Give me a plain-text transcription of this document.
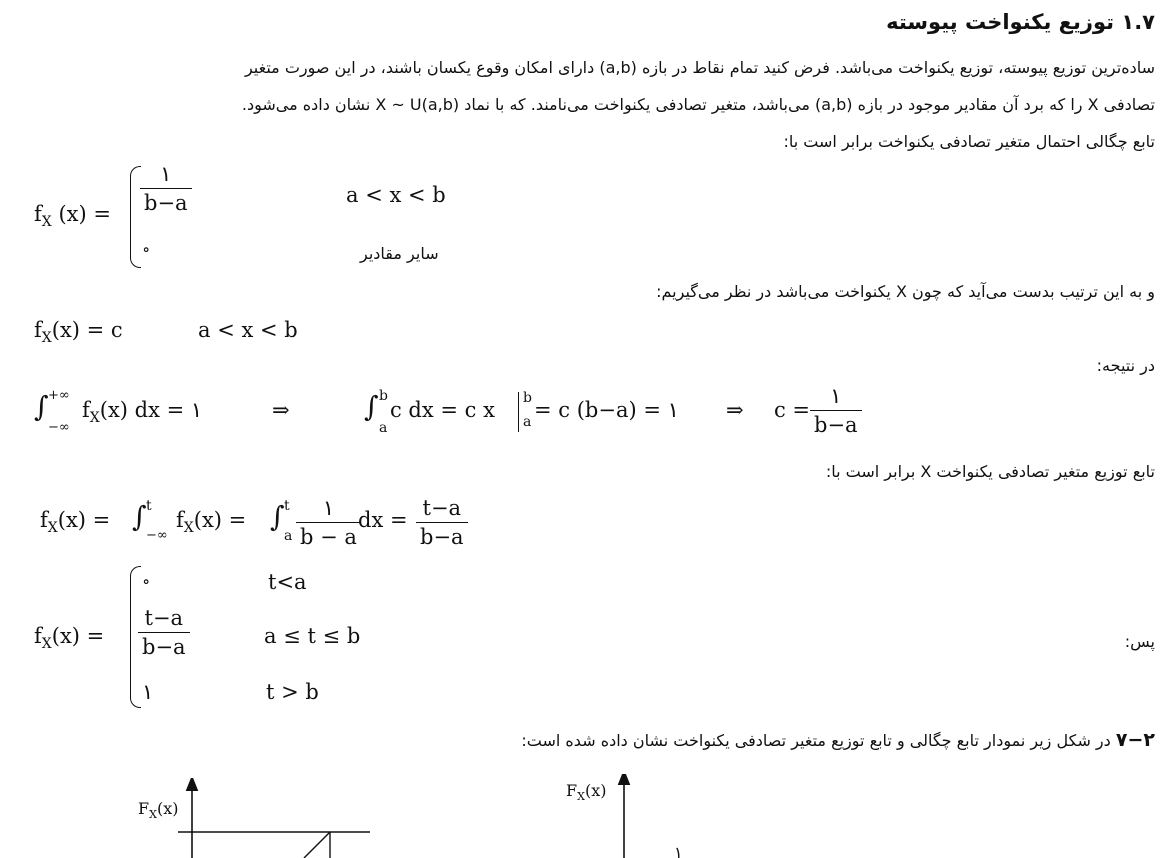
۱.۷ توزیع یکنواخت پیوسته
ساده‌ترین توزیع پیوسته، توزیع یکنواخت می‌باشد. فرض کنید تمام نقاط در بازه (a,b) دارای امکان وقوع یکسان باشند، در این صورت متغیر
تصادفی X را که برد آن مقادیر موجود در بازه (a,b) می‌باشد، متغیر تصادفی یکنواخت می‌نامند. که با نماد X ~ U(a,b) نشان داده می‌شود.
تابع چگالی احتمال متغیر تصادفی یکنواخت برابر است با:
$f_X$ $(x) = \frac{۱}{b-a}$	a < x < b
∘	سایر مقادیر
و به این ترتیب بدست می‌آید که چون X یکنواخت می‌باشد در نظر می‌گیریم:
$f_X(x) = c$	a < x < b
در نتیجه:
∫ +∞
−∞
$f_X(x)$ dx = ۱	⇒	∫ b
a
c dx = c x b
a = c (b−a) = ۱ ⇒ $c = \frac{۱}{b-a}$
تابع توزیع متغیر تصادفی یکنواخت X برابر است با:
$f_X(x)$ = ∫ t
−∞
$f_X(x)$ = ∫ t
a $\frac{۱}{b - a}$
dx = $\frac{t-a}{b-a}$
$f_X(x)$ =
∘	t<a
$\frac{t-a}{b-a}$	a ≤ t ≤ b
۱	t > b
پس:
۷−۲ در شکل زیر نمودار تابع چگالی و تابع توزیع متغیر تصادفی یکنواخت نشان داده شده است:
$F_X(x)$
$F_X(x)$
۱
